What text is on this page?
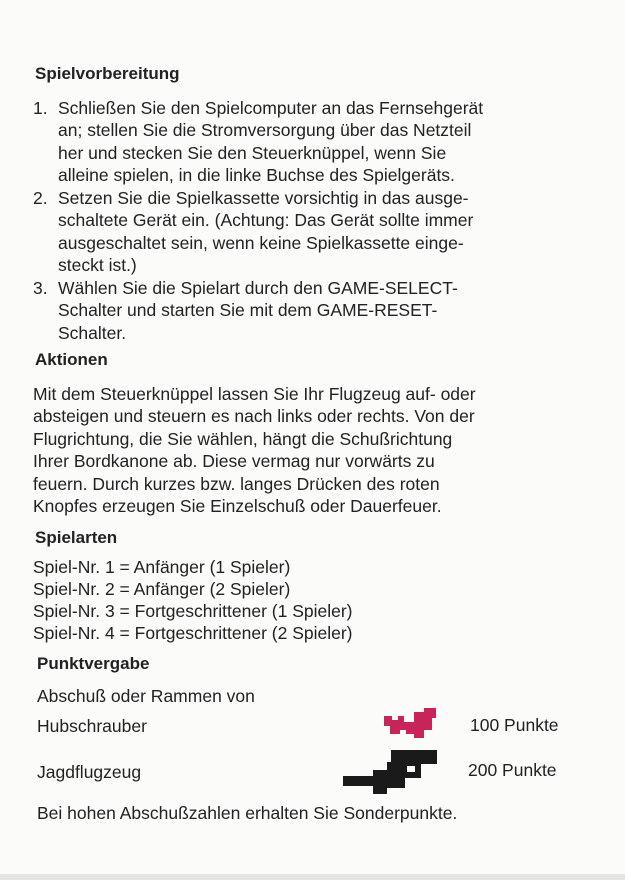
Spielvorbereitung
1. Schließen Sie den Spielcomputer an das Fernsehgerät
an; stellen Sie die Stromversorgung über das Netzteil
her und stecken Sie den Steuerknüppel, wenn Sie
alleine spielen, in die linke Buchse des Spielgeräts.
2. Setzen Sie die Spielkassette vorsichtig in das ausge-
schaltete Gerät ein. (Achtung: Das Gerät sollte immer
ausgeschaltet sein, wenn keine Spielkassette einge-
steckt ist.)
3. Wählen Sie die Spielart durch den GAME-SELECT-
Schalter und starten Sie mit dem GAME-RESET-
Schalter.
Aktionen
Mit dem Steuerknüppel lassen Sie Ihr Flugzeug auf- oder
absteigen und steuern es nach links oder rechts. Von der
Flugrichtung, die Sie wählen, hängt die Schußrichtung
Ihrer Bordkanone ab. Diese vermag nur vorwärts zu
feuern. Durch kurzes bzw. langes Drücken des roten
Knopfes erzeugen Sie Einzelschuß oder Dauerfeuer.
Spielarten
Spiel-Nr. 1 = Anfänger (1 Spieler)
Spiel-Nr. 2 = Anfänger (2 Spieler)
Spiel-Nr. 3 = Fortgeschrittener (1 Spieler)
Spiel-Nr. 4 = Fortgeschrittener (2 Spieler)
Punktvergabe
Abschuß oder Rammen von
Hubschrauber	100 Punkte
Jagdflugzeug	200 Punkte
Bei hohen Abschußzahlen erhalten Sie Sonderpunkte.
